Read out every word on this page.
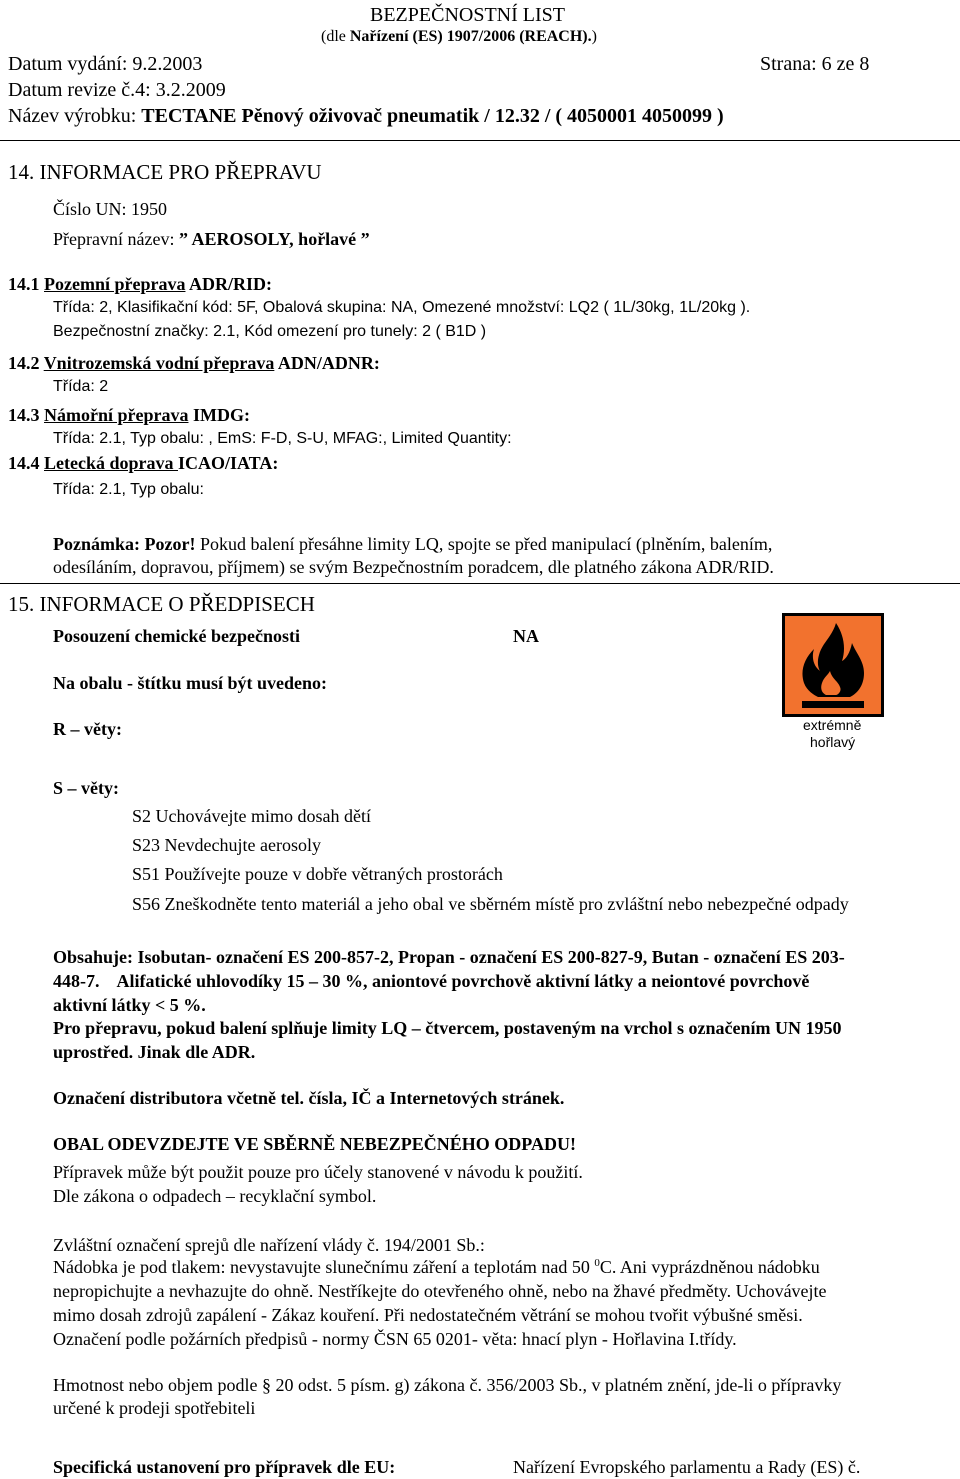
BEZPEČNOSTNÍ LIST
(dle Nařízení (ES) 1907/2006 (REACH).)
Datum vydání: 9.2.2003	Strana: 6 ze 8
Datum revize č.4: 3.2.2009
Název výrobku: TECTANE Pěnový oživovač pneumatik / 12.32 / ( 4050001 4050099 )
14. INFORMACE PRO PŘEPRAVU
Číslo UN: 1950
Přepravní název: ” AEROSOLY, hořlavé ”
14.1 Pozemní přeprava ADR/RID:
Třída: 2, Klasifikační kód: 5F, Obalová skupina: NA, Omezené množství: LQ2 ( 1L/30kg, 1L/20kg ).
Bezpečnostní značky: 2.1, Kód omezení pro tunely: 2 ( B1D )
14.2 Vnitrozemská vodní přeprava ADN/ADNR:
Třída: 2
14.3 Námořní přeprava IMDG:
Třída: 2.1, Typ obalu: , EmS: F-D, S-U, MFAG:, Limited Quantity:
14.4 Letecká doprava ICAO/IATA:
Třída: 2.1, Typ obalu:
Poznámka: Pozor! Pokud balení přesáhne limity LQ, spojte se před manipulací (plněním, balením,
odesíláním, dopravou, příjmem) se svým Bezpečnostním poradcem, dle platného zákona ADR/RID.
15. INFORMACE O PŘEDPISECH
Posouzení chemické bezpečnosti	NA
Na obalu - štítku musí být uvedeno:
R – věty:
S – věty:
extrémně
hořlavý
S2 Uchovávejte mimo dosah dětí
S23 Nevdechujte aerosoly
S51 Používejte pouze v dobře větraných prostorách
S56 Zneškodněte tento materiál a jeho obal ve sběrném místě pro zvláštní nebo nebezpečné odpady
Obsahuje: Isobutan- označení ES 200-857-2, Propan - označení ES 200-827-9, Butan - označení ES 203-
448-7.    Alifatické uhlovodíky 15 – 30 %, aniontové povrchově aktivní látky a neiontové povrchově
aktivní látky < 5 %.
Pro přepravu, pokud balení splňuje limity LQ – čtvercem, postaveným na vrchol s označením UN 1950
uprostřed. Jinak dle ADR.
Označení distributora včetně tel. čísla, IČ a Internetových stránek.
OBAL ODEVZDEJTE VE SBĚRNĚ NEBEZPEČNÉHO ODPADU!
Přípravek může být použit pouze pro účely stanovené v návodu k použití.
Dle zákona o odpadech – recyklační symbol.
Zvláštní označení sprejů dle nařízení vlády č. 194/2001 Sb.:
Nádobka je pod tlakem: nevystavujte slunečnímu záření a teplotám nad 50 $^0$C. Ani vyprázdněnou nádobku
nepropichujte a nevhazujte do ohně. Nestříkejte do otevřeného ohně, nebo na žhavé předměty. Uchovávejte
mimo dosah zdrojů zapálení - Zákaz kouření. Při nedostatečném větrání se mohou tvořit výbušné směsi.
Označení podle požárních předpisů - normy ČSN 65 0201- věta: hnací plyn - Hořlavina I.třídy.
Hmotnost nebo objem podle § 20 odst. 5 písm. g) zákona č. 356/2003 Sb., v platném znění, jde-li o přípravky
určené k prodeji spotřebiteli
Specifická ustanovení pro přípravek dle EU:	Nařízení Evropského parlamentu a Rady (ES) č.
